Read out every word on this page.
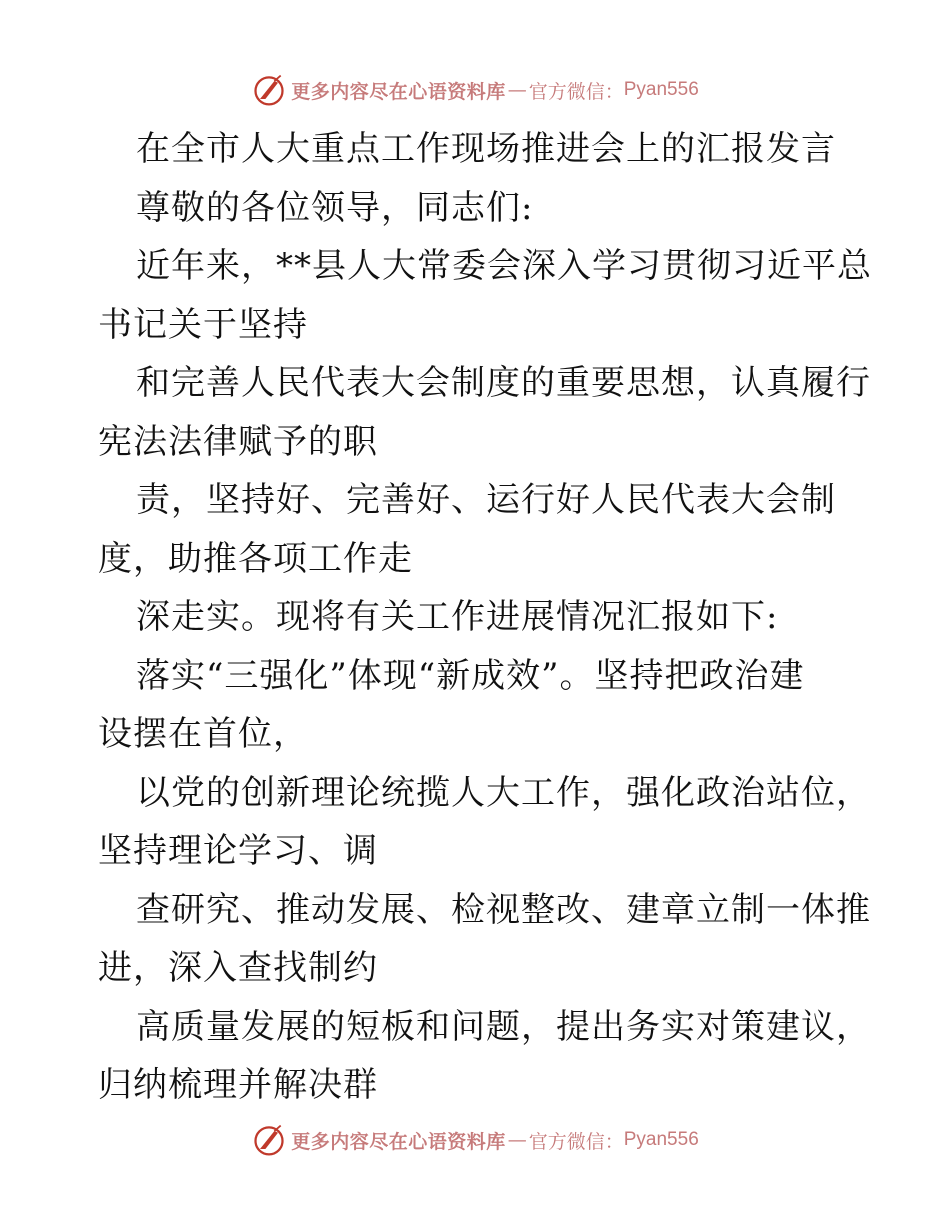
更多内容尽在心语资料库 — 官方微信： Pyan556
在全市人大重点工作现场推进会上的汇报发言
尊敬的各位领导，同志们:
近年来，**县人大常委会深入学习贯彻习近平总
书记关于坚持
和完善人民代表大会制度的重要思想，认真履行
宪法法律赋予的职
责，坚持好、完善好、运行好人民代表大会制
度，助推各项工作走
深走实。现将有关工作进展情况汇报如下:
落实“三强化”体现“新成效”。坚持把政治建
设摆在首位，
以党的创新理论统揽人大工作，强化政治站位，
坚持理论学习、调
查研究、推动发展、检视整改、建章立制一体推
进，深入查找制约
高质量发展的短板和问题，提出务实对策建议，
归纳梳理并解决群
更多内容尽在心语资料库 — 官方微信： Pyan556
